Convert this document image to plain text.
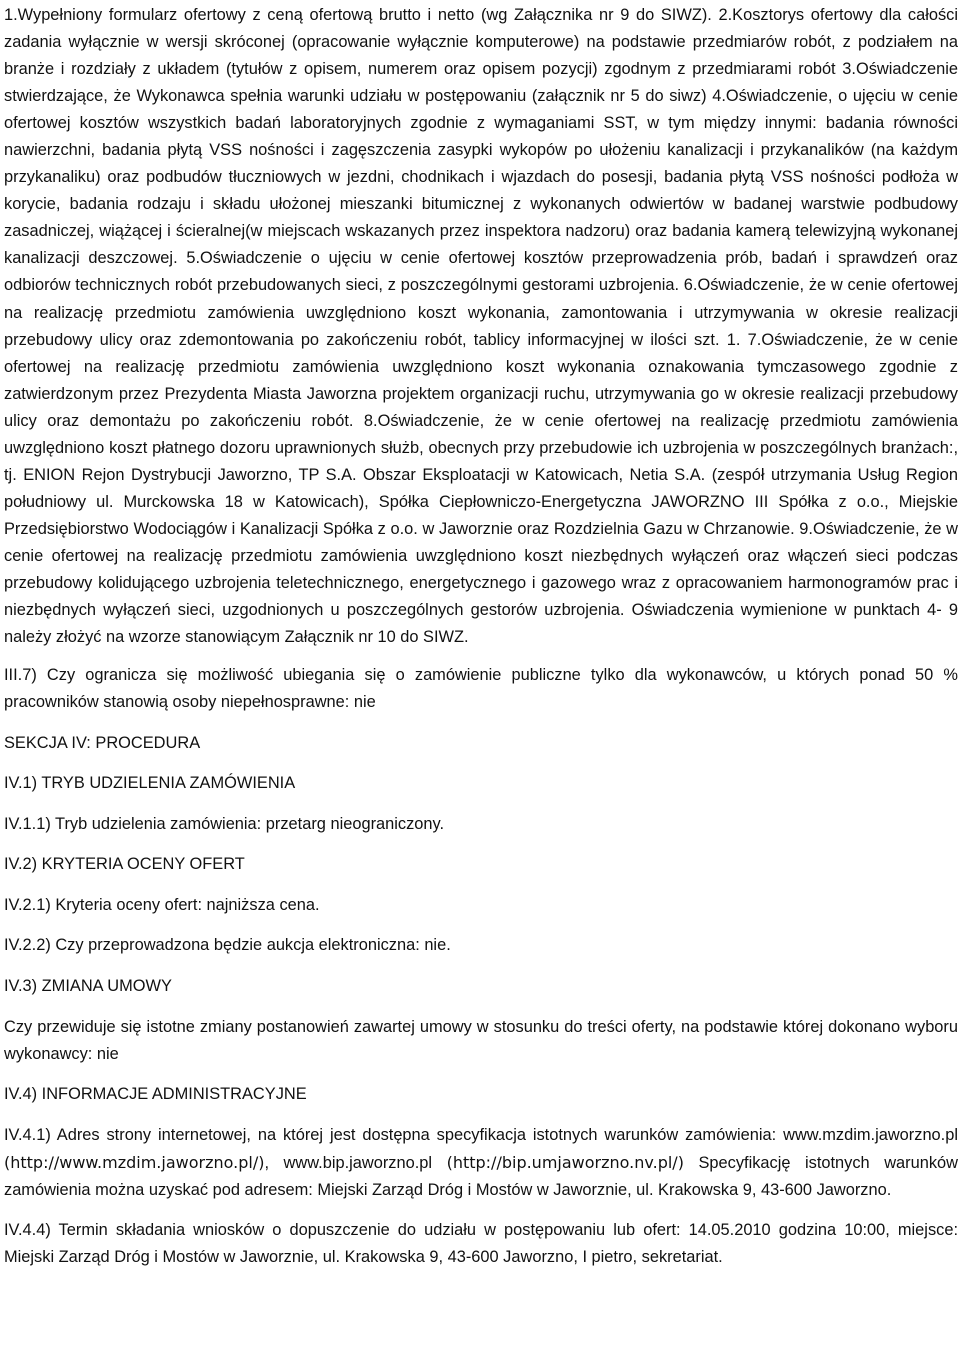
1.Wypełniony formularz ofertowy z ceną ofertową brutto i netto (wg Załącznika nr 9 do SIWZ). 2.Kosztorys ofertowy dla całości zadania wyłącznie w wersji skróconej (opracowanie wyłącznie komputerowe) na podstawie przedmiarów robót, z podziałem na branże i rozdziały z układem (tytułów z opisem, numerem oraz opisem pozycji) zgodnym z przedmiarami robót 3.Oświadczenie stwierdzające, że Wykonawca spełnia warunki udziału w postępowaniu (załącznik nr 5 do siwz) 4.Oświadczenie, o ujęciu w cenie ofertowej kosztów wszystkich badań laboratoryjnych zgodnie z wymaganiami SST, w tym między innymi: badania równości nawierzchni, badania płytą VSS nośności i zagęszczenia zasypki wykopów po ułożeniu kanalizacji i przykanalików (na każdym przykanaliku) oraz podbudów tłuczniowych w jezdni, chodnikach i wjazdach do posesji, badania płytą VSS nośności podłoża w korycie, badania rodzaju i składu ułożonej mieszanki bitumicznej z wykonanych odwiertów w badanej warstwie podbudowy zasadniczej, wiążącej i ścieralnej(w miejscach wskazanych przez inspektora nadzoru) oraz badania kamerą telewizyjną wykonanej kanalizacji deszczowej. 5.Oświadczenie o ujęciu w cenie ofertowej kosztów przeprowadzenia prób, badań i sprawdzeń oraz odbiorów technicznych robót przebudowanych sieci, z poszczególnymi gestorami uzbrojenia. 6.Oświadczenie, że w cenie ofertowej na realizację przedmiotu zamówienia uwzględniono koszt wykonania, zamontowania i utrzymywania w okresie realizacji przebudowy ulicy oraz zdemontowania po zakończeniu robót, tablicy informacyjnej w ilości szt. 1. 7.Oświadczenie, że w cenie ofertowej na realizację przedmiotu zamówienia uwzględniono koszt wykonania oznakowania tymczasowego zgodnie z zatwierdzonym przez Prezydenta Miasta Jaworzna projektem organizacji ruchu, utrzymywania go w okresie realizacji przebudowy ulicy oraz demontażu po zakończeniu robót. 8.Oświadczenie, że w cenie ofertowej na realizację przedmiotu zamówienia uwzględniono koszt płatnego dozoru uprawnionych służb, obecnych przy przebudowie ich uzbrojenia w poszczególnych branżach:, tj. ENION Rejon Dystrybucji Jaworzno, TP S.A. Obszar Eksploatacji w Katowicach, Netia S.A. (zespół utrzymania Usług Region południowy ul. Murckowska 18 w Katowicach), Spółka Ciepłowniczo-Energetyczna JAWORZNO III Spółka z o.o., Miejskie Przedsiębiorstwo Wodociągów i Kanalizacji Spółka z o.o. w Jaworznie oraz Rozdzielnia Gazu w Chrzanowie. 9.Oświadczenie, że w cenie ofertowej na realizację przedmiotu zamówienia uwzględniono koszt niezbędnych wyłączeń oraz włączeń sieci podczas przebudowy kolidującego uzbrojenia teletechnicznego, energetycznego i gazowego wraz z opracowaniem harmonogramów prac i niezbędnych wyłączeń sieci, uzgodnionych u poszczególnych gestorów uzbrojenia. Oświadczenia wymienione w punktach 4- 9 należy złożyć na wzorze stanowiącym Załącznik nr 10 do SIWZ.

III.7) Czy ogranicza się możliwość ubiegania się o zamówienie publiczne tylko dla wykonawców, u których ponad 50 % pracowników stanowią osoby niepełnosprawne: nie

SEKCJA IV: PROCEDURA
IV.1) TRYB UDZIELENIA ZAMÓWIENIA

IV.1.1) Tryb udzielenia zamówienia: przetarg nieograniczony.

IV.2) KRYTERIA OCENY OFERT

IV.2.1) Kryteria oceny ofert: najniższa cena.

IV.2.2) Czy przeprowadzona będzie aukcja elektroniczna: nie.

IV.3) ZMIANA UMOWY

Czy przewiduje się istotne zmiany postanowień zawartej umowy w stosunku do treści oferty, na podstawie której dokonano wyboru wykonawcy: nie

IV.4) INFORMACJE ADMINISTRACYJNE

IV.4.1) Adres strony internetowej, na której jest dostępna specyfikacja istotnych warunków zamówienia: www.mzdim.jaworzno.pl (http://www.mzdim.jaworzno.pl/), www.bip.jaworzno.pl (http://bip.umjaworzno.nv.pl/) Specyfikację istotnych warunków zamówienia można uzyskać pod adresem: Miejski Zarząd Dróg i Mostów w Jaworznie, ul. Krakowska 9, 43-600 Jaworzno.

IV.4.4) Termin składania wniosków o dopuszczenie do udziału w postępowaniu lub ofert: 14.05.2010 godzina 10:00, miejsce: Miejski Zarząd Dróg i Mostów w Jaworznie, ul. Krakowska 9, 43-600 Jaworzno, I pietro, sekretariat.
